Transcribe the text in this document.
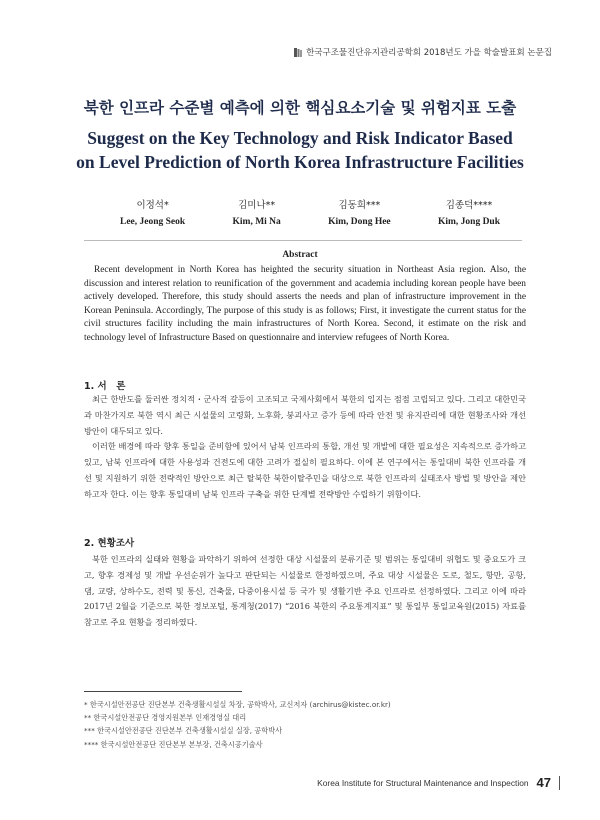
한국구조물진단유지관리공학회 2018년도 가을 학술발표회 논문집
북한 인프라 수준별 예측에 의한 핵심요소기술 및 위험지표 도출
Suggest on the Key Technology and Risk Indicator Based
on Level Prediction of North Korea Infrastructure Facilities
이정석*
Lee, Jeong Seok
김미나**
Kim, Mi Na
김동희***
Kim, Dong Hee
김종덕****
Kim, Jong Duk
Abstract

Recent development in North Korea has heighted the security situation in Northeast Asia region. Also, the discussion and interest relation to reunification of the government and academia including korean people have been actively developed. Therefore, this study should asserts the needs and plan of infrastructure improvement in the Korean Peninsula. Accordingly, The purpose of this study is as follows; First, it investigate the current status for the civil structures facility including the main infrastructures of North Korea. Second, it estimate on the risk and technology level of Infrastructure Based on questionnaire and interview refugees of North Korea.

1. 서　론

최근 한반도를 둘러싼 정치적・군사적 갈등이 고조되고 국제사회에서 북한의 입지는 점점 고립되고 있다. 그리고 대한민국과 마찬가지로 북한 역시 최근 시설물의 고령화, 노후화, 붕괴사고 증가 등에 따라 안전 및 유지관리에 대한 현황조사와 개선방안이 대두되고 있다.

이러한 배경에 따라 향후 통일을 준비함에 있어서 남북 인프라의 통합, 개선 및 개발에 대한 필요성은 지속적으로 증가하고 있고, 남북 인프라에 대한 사용성과 건전도에 대한 고려가 절실히 필요하다. 이에 본 연구에서는 통일대비 북한 인프라를 개선 및 지원하기 위한 전략적인 방안으로 최근 탈북한 북한이탈주민을 대상으로 북한 인프라의 실태조사 방법 및 방안을 제안하고자 한다. 이는 향후 통일대비 남북 인프라 구축을 위한 단계별 전략방안 수립하기 위함이다.

2. 현황조사

북한 인프라의 실태와 현황을 파악하기 위하여 선정한 대상 시설물의 분류기준 및 범위는 통일대비 위협도 및 중요도가 크고, 향후 경제성 및 개발 우선순위가 높다고 판단되는 시설물로 한정하였으며, 주요 대상 시설물은 도로, 철도, 항만, 공항, 댐, 교량, 상하수도, 전력 및 통신, 건축물, 다중이용시설 등 국가 및 생활기반 주요 인프라로 선정하였다. 그리고 이에 따라 2017년 2월을 기준으로 북한 정보포털, 통계청(2017) “2016 북한의 주요통계지표” 및 통일부 통일교육원(2015) 자료를 참고로 주요 현황을 정리하였다.

* 한국시설안전공단 진단본부 건축생활시설실 차장, 공학박사, 교신저자 (archirus@kistec.or.kr)
** 한국시설안전공단 경영지원본부 인재경영실 대리
*** 한국시설안전공단 진단본부 건축생활시설실 실장, 공학박사
**** 한국시설안전공단 진단본부 본부장, 건축시공기술사
Korea Institute for Structural Maintenance and Inspection 47
